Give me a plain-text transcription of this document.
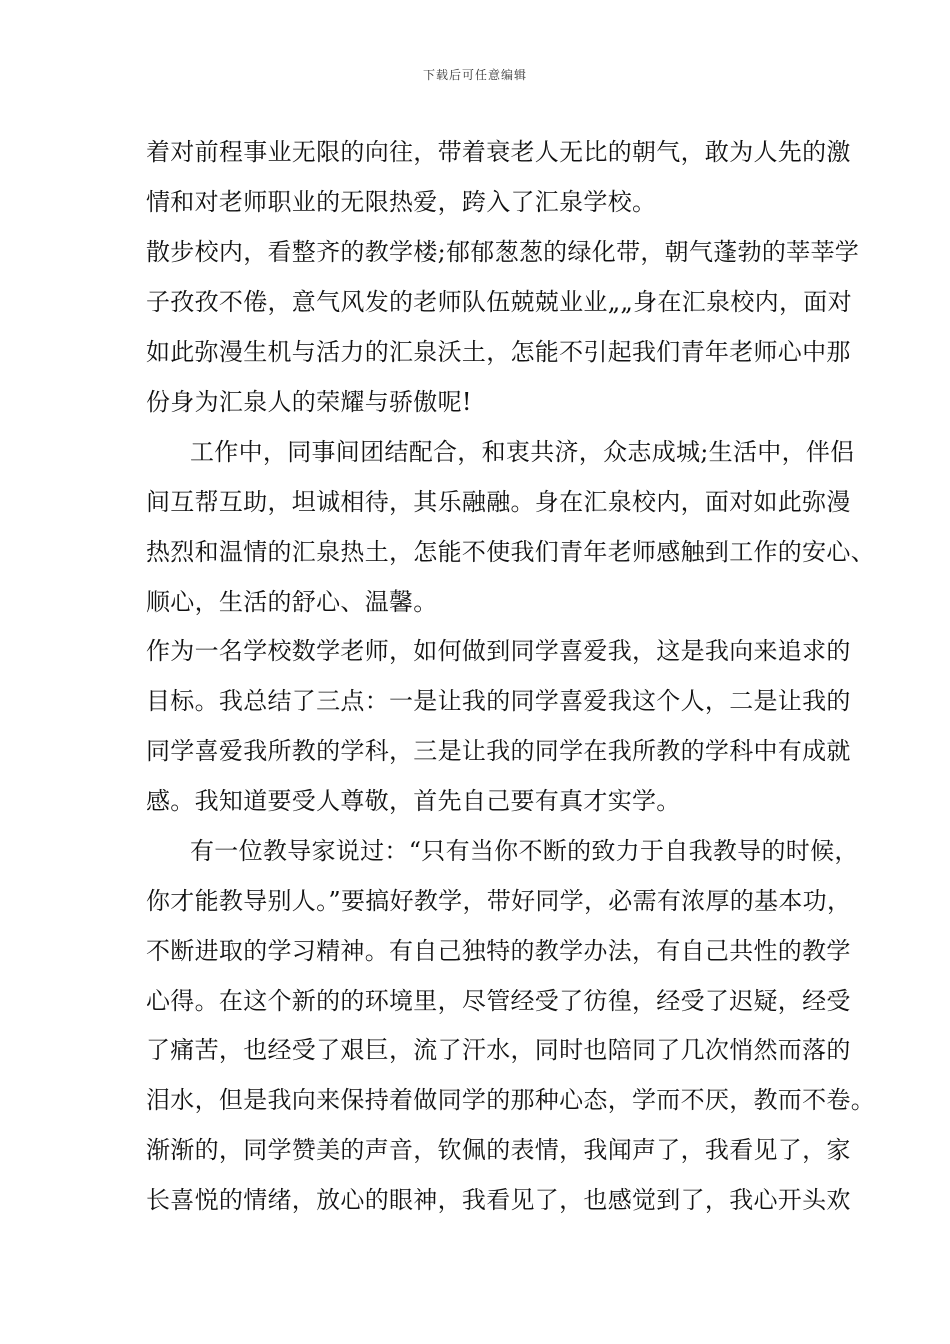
下载后可任意编辑
着对前程事业无限的向往，带着衰老人无比的朝气，敢为人先的激
情和对老师职业的无限热爱，跨入了汇泉学校。
散步校内，看整齐的教学楼;郁郁葱葱的绿化带，朝气蓬勃的莘莘学
子孜孜不倦，意气风发的老师队伍兢兢业业„„身在汇泉校内，面对
如此弥漫生机与活力的汇泉沃土，怎能不引起我们青年老师心中那
份身为汇泉人的荣耀与骄傲呢!
工作中，同事间团结配合，和衷共济，众志成城;生活中，伴侣
间互帮互助，坦诚相待，其乐融融。身在汇泉校内，面对如此弥漫
热烈和温情的汇泉热土，怎能不使我们青年老师感触到工作的安心、
顺心，生活的舒心、温馨。
作为一名学校数学老师，如何做到同学喜爱我，这是我向来追求的
目标。我总结了三点：一是让我的同学喜爱我这个人，二是让我的
同学喜爱我所教的学科，三是让我的同学在我所教的学科中有成就
感。我知道要受人尊敬，首先自己要有真才实学。
有一位教导家说过：“只有当你不断的致力于自我教导的时候，
你才能教导别人。”要搞好教学，带好同学，必需有浓厚的基本功，
不断进取的学习精神。有自己独特的教学办法，有自己共性的教学
心得。在这个新的的环境里，尽管经受了彷徨，经受了迟疑，经受
了痛苦，也经受了艰巨，流了汗水，同时也陪同了几次悄然而落的
泪水，但是我向来保持着做同学的那种心态，学而不厌，教而不卷。
渐渐的，同学赞美的声音，钦佩的表情，我闻声了，我看见了，家
长喜悦的情绪，放心的眼神，我看见了，也感觉到了，我心开头欢
